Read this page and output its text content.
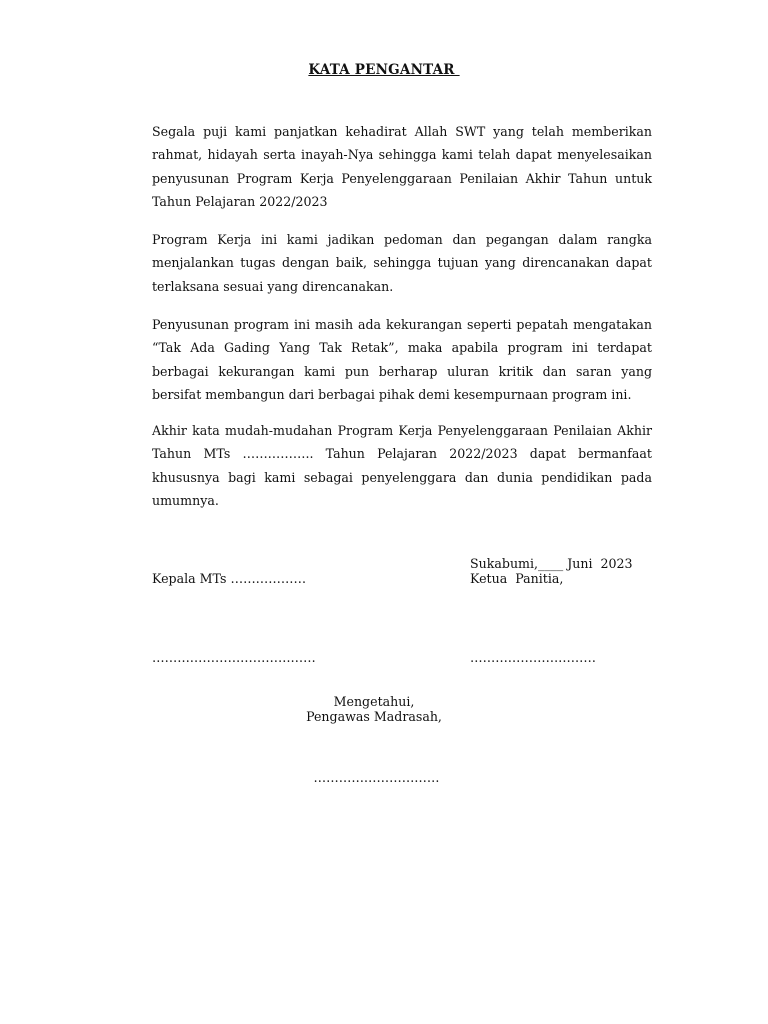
KATA PENGANTAR
Segala puji kami panjatkan kehadirat Allah SWT yang telah memberikan
rahmat, hidayah serta inayah-Nya sehingga kami telah dapat menyelesaikan
penyusunan Program Kerja Penyelenggaraan Penilaian Akhir Tahun untuk
Tahun Pelajaran 2022/2023
Program Kerja ini kami jadikan pedoman dan pegangan dalam rangka
menjalankan tugas dengan baik, sehingga tujuan yang direncanakan dapat
terlaksana sesuai yang direncanakan.
Penyusunan program ini masih ada kekurangan seperti pepatah mengatakan
“Tak Ada Gading Yang Tak Retak”, maka apabila program ini terdapat
berbagai kekurangan kami pun berharap uluran kritik dan saran yang
bersifat membangun dari berbagai pihak demi kesempurnaan program ini.
Akhir kata mudah-mudahan Program Kerja Penyelenggaraan Penilaian Akhir
Tahun MTs …………….. Tahun Pelajaran 2022/2023 dapat bermanfaat
khususnya bagi kami sebagai penyelenggara dan dunia pendidikan pada
umumnya.
Sukabumi,____ Juni  2023
Kepala MTs ………………	Ketua  Panitia,
…………………………………	…………………………
Mengetahui,
Pengawas Madrasah,
…………………………
